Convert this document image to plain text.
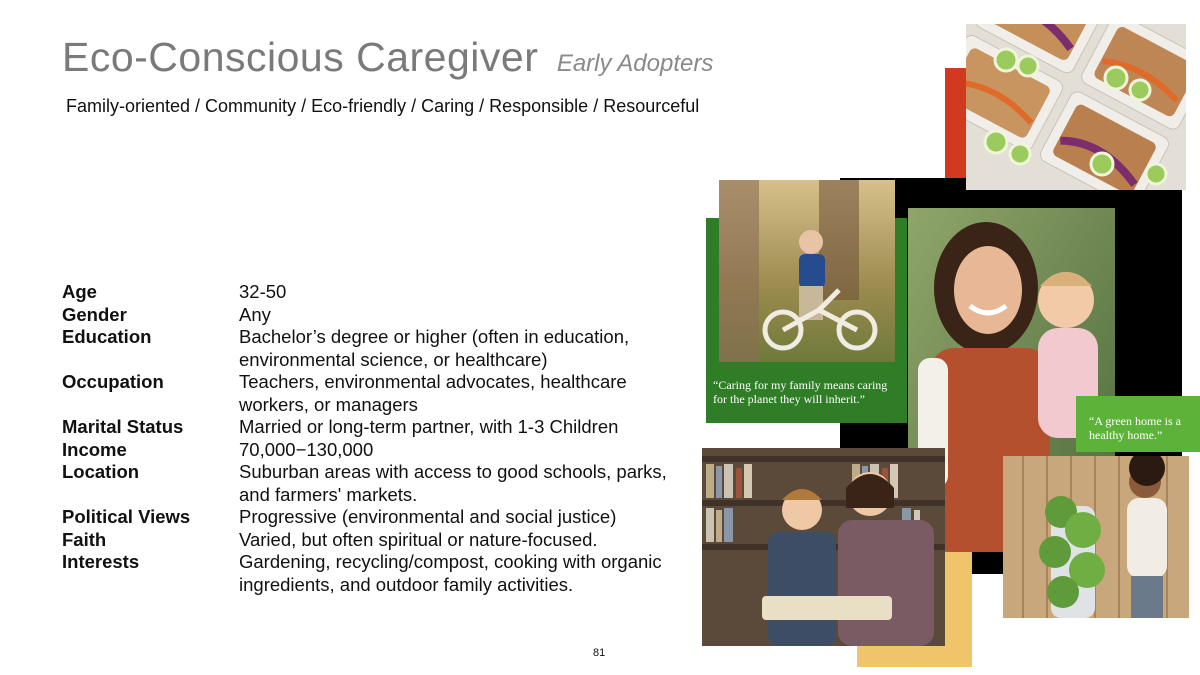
Eco-Conscious Caregiver Early Adopters
Family-oriented / Community / Eco-friendly / Caring / Responsible / Resourceful
Age	32-50
Gender	Any
Education	Bachelor’s degree or higher (often in education, environmental science, or healthcare)
Occupation	Teachers, environmental advocates, healthcare workers, or managers
Marital Status	Married or long-term partner, with 1-3 Children
Income	70,000−130,000
Location	Suburban areas with access to good schools, parks, and farmers' markets.
Political Views	Progressive (environmental and social justice)
Faith	Varied, but often spiritual or nature-focused.
Interests	Gardening, recycling/compost, cooking with organic ingredients, and outdoor family activities.
“Caring for my family means caring for the planet they will inherit.”
“A green home is a healthy home.”
81
